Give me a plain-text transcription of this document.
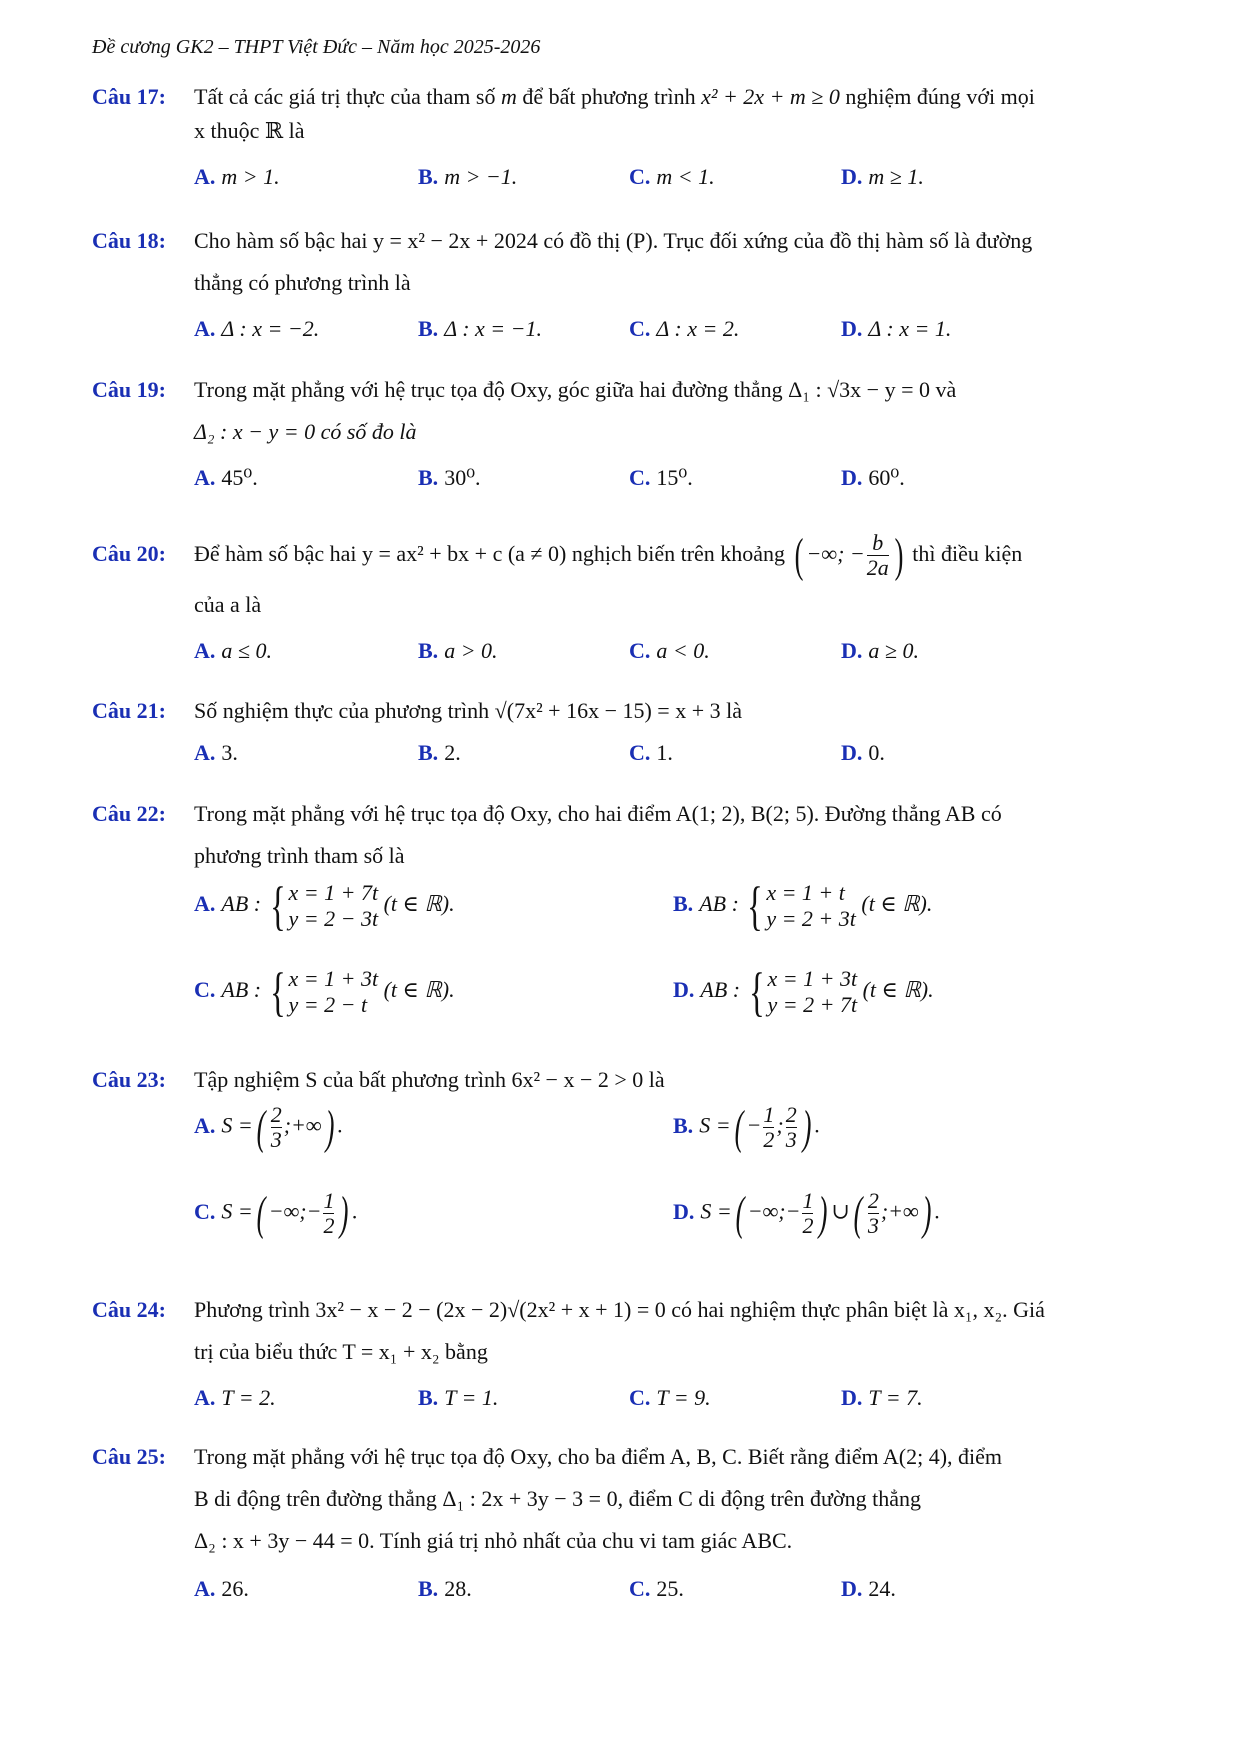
Đề cương GK2 – THPT Việt Đức – Năm học 2025-2026
Câu 17: Tất cả các giá trị thực của tham số m để bất phương trình x² + 2x + m ≥ 0 nghiệm đúng với mọi
x thuộc ℝ là
A. m > 1.	B. m > −1.	C. m < 1.	D. m ≥ 1.
Câu 18: Cho hàm số bậc hai y = x² − 2x + 2024 có đồ thị (P). Trục đối xứng của đồ thị hàm số là đường
thẳng có phương trình là
A. Δ : x = −2.	B. Δ : x = −1.	C. Δ : x = 2.	D. Δ : x = 1.
Câu 19: Trong mặt phẳng với hệ trục tọa độ Oxy, góc giữa hai đường thẳng Δ₁ : √3x − y = 0 và
Δ₂ : x − y = 0 có số đo là
A. 45⁰.	B. 30⁰.	C. 15⁰.	D. 60⁰.
Câu 20: Để hàm số bậc hai y = ax² + bx + c (a ≠ 0) nghịch biến trên khoảng ( −∞; − $\frac{b}{2a}$ ) thì điều kiện
của a là
A. a ≤ 0.	B. a > 0.	C. a < 0.	D. a ≥ 0.
Câu 21: Số nghiệm thực của phương trình √(7x² + 16x − 15) = x + 3 là
A. 3.	B. 2.	C. 1.	D. 0.
Câu 22: Trong mặt phẳng với hệ trục tọa độ Oxy, cho hai điểm A(1; 2), B(2; 5). Đường thẳng AB có
phương trình tham số là
A. AB : { x = 1 + 7t
y = 2 − 3t
(t ∈ ℝ).	B. AB : { x = 1 + t
y = 2 + 3t
(t ∈ ℝ).
C. AB : { x = 1 + 3t
y = 2 − t
(t ∈ ℝ).	D. AB : { x = 1 + 3t
y = 2 + 7t
(t ∈ ℝ).
Câu 23: Tập nghiệm S của bất phương trình 6x² − x − 2 > 0 là
A. S =( $\frac{2}{3}$ ;+∞) .	B. S =( − $\frac{1}{2}$ ; $\frac{2}{3}$ ) .
C. S =( −∞;− $\frac{1}{2}$ ) .	D. S =( −∞;− $\frac{1}{2}$ ) ∪( $\frac{2}{3}$ ;+∞) .
Câu 24: Phương trình 3x² − x − 2 − (2x − 2)√(2x² + x + 1) = 0 có hai nghiệm thực phân biệt là x₁, x₂. Giá
trị của biểu thức T = x₁ + x₂ bằng
A. T = 2.	B. T = 1.	C. T = 9.	D. T = 7.
Câu 25: Trong mặt phẳng với hệ trục tọa độ Oxy, cho ba điểm A, B, C. Biết rằng điểm A(2; 4), điểm
B di động trên đường thẳng Δ₁ : 2x + 3y − 3 = 0, điểm C di động trên đường thẳng
Δ₂ : x + 3y − 44 = 0. Tính giá trị nhỏ nhất của chu vi tam giác ABC.
A. 26.	B. 28.	C. 25.	D. 24.
